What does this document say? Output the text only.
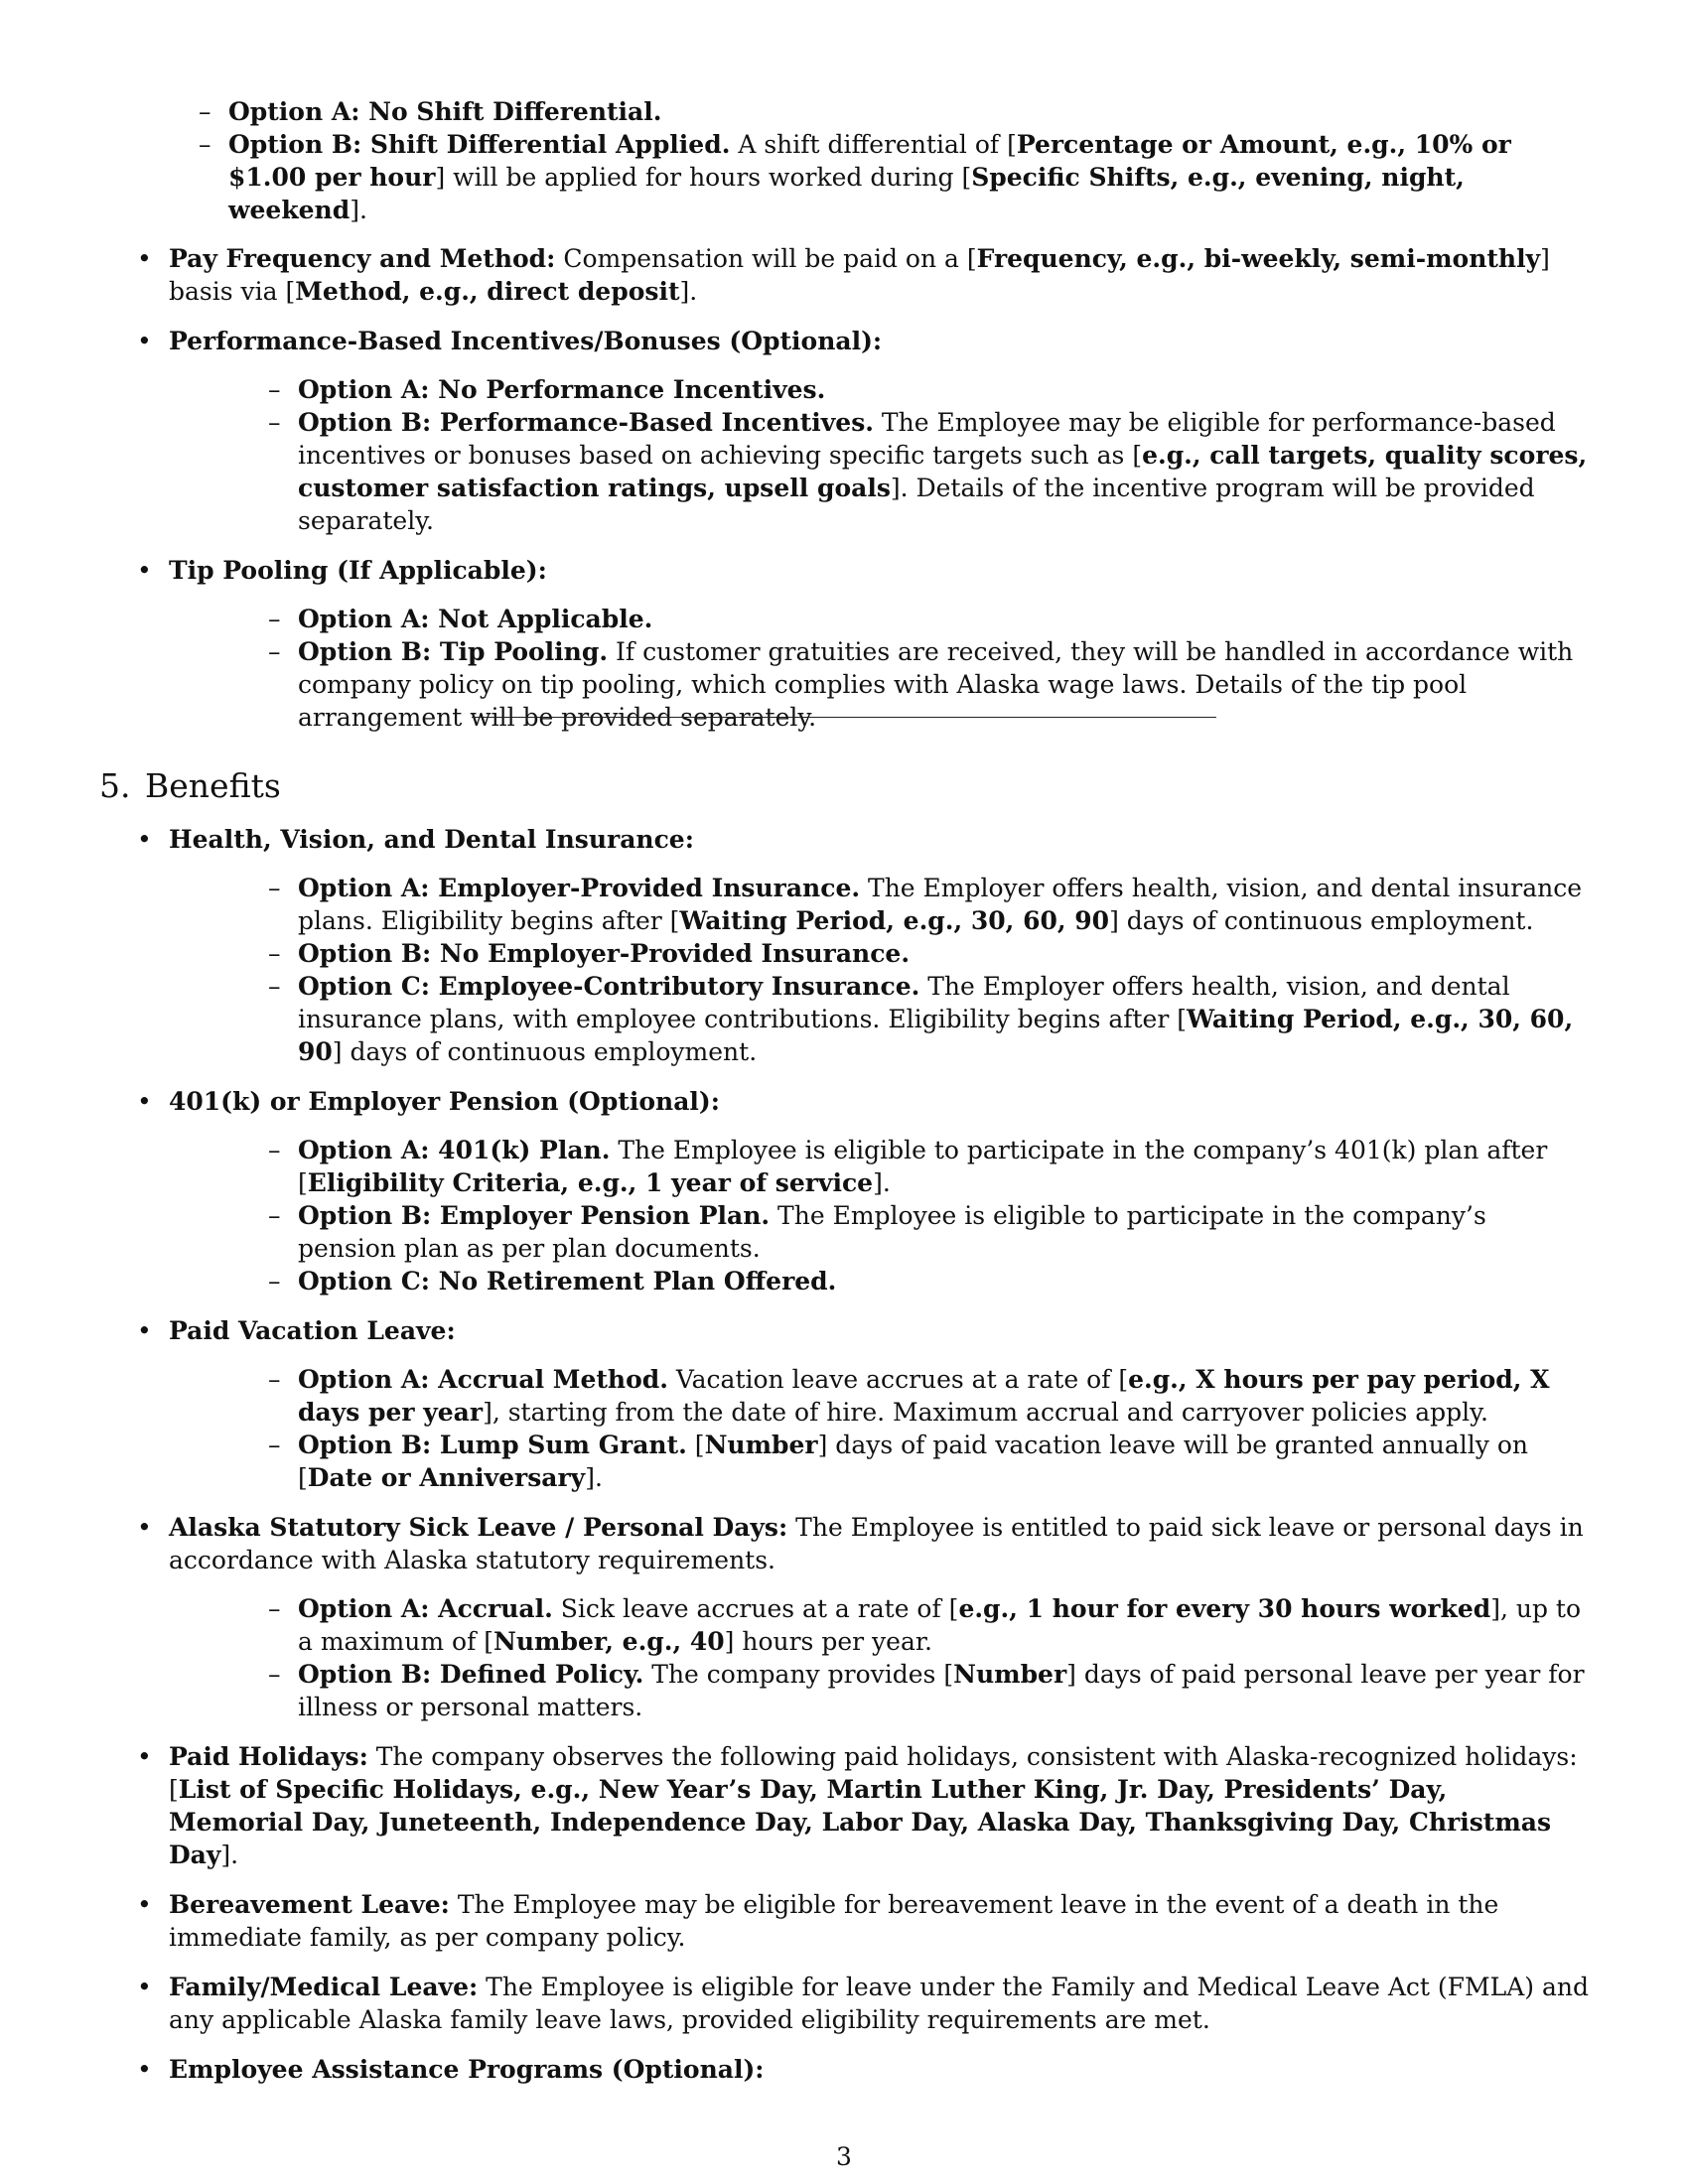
– Option A: No Shift Differential.
– Option B: Shift Differential Applied. A shift differential of [Percentage or Amount, e.g., 10% or $1.00 per hour] will be applied for hours worked during [Specific Shifts, e.g., evening, night, weekend].
• Pay Frequency and Method: Compensation will be paid on a [Frequency, e.g., bi-weekly, semi-monthly] basis via [Method, e.g., direct deposit].
• Performance-Based Incentives/Bonuses (Optional):
– Option A: No Performance Incentives.
– Option B: Performance-Based Incentives. The Employee may be eligible for performance-based incentives or bonuses based on achieving specific targets such as [e.g., call targets, quality scores, customer satisfaction ratings, upsell goals]. Details of the incentive program will be provided separately.
• Tip Pooling (If Applicable):
– Option A: Not Applicable.
– Option B: Tip Pooling. If customer gratuities are received, they will be handled in accordance with company policy on tip pooling, which complies with Alaska wage laws. Details of the tip pool arrangement will be provided separately.
5. Benefits
• Health, Vision, and Dental Insurance:
– Option A: Employer-Provided Insurance. The Employer offers health, vision, and dental insurance plans. Eligibility begins after [Waiting Period, e.g., 30, 60, 90] days of continuous employment.
– Option B: No Employer-Provided Insurance.
– Option C: Employee-Contributory Insurance. The Employer offers health, vision, and dental insurance plans, with employee contributions. Eligibility begins after [Waiting Period, e.g., 30, 60, 90] days of continuous employment.
• 401(k) or Employer Pension (Optional):
– Option A: 401(k) Plan. The Employee is eligible to participate in the company’s 401(k) plan after [Eligibility Criteria, e.g., 1 year of service].
– Option B: Employer Pension Plan. The Employee is eligible to participate in the company’s pension plan as per plan documents.
– Option C: No Retirement Plan Offered.
• Paid Vacation Leave:
– Option A: Accrual Method. Vacation leave accrues at a rate of [e.g., X hours per pay period, X days per year], starting from the date of hire. Maximum accrual and carryover policies apply.
– Option B: Lump Sum Grant. [Number] days of paid vacation leave will be granted annually on [Date or Anniversary].
• Alaska Statutory Sick Leave / Personal Days: The Employee is entitled to paid sick leave or personal days in accordance with Alaska statutory requirements.
– Option A: Accrual. Sick leave accrues at a rate of [e.g., 1 hour for every 30 hours worked], up to a maximum of [Number, e.g., 40] hours per year.
– Option B: Defined Policy. The company provides [Number] days of paid personal leave per year for illness or personal matters.
• Paid Holidays: The company observes the following paid holidays, consistent with Alaska-recognized holidays: [List of Specific Holidays, e.g., New Year’s Day, Martin Luther King, Jr. Day, Presidents’ Day, Memorial Day, Juneteenth, Independence Day, Labor Day, Alaska Day, Thanksgiving Day, Christmas Day].
• Bereavement Leave: The Employee may be eligible for bereavement leave in the event of a death in the immediate family, as per company policy.
• Family/Medical Leave: The Employee is eligible for leave under the Family and Medical Leave Act (FMLA) and any applicable Alaska family leave laws, provided eligibility requirements are met.
• Employee Assistance Programs (Optional):
3
